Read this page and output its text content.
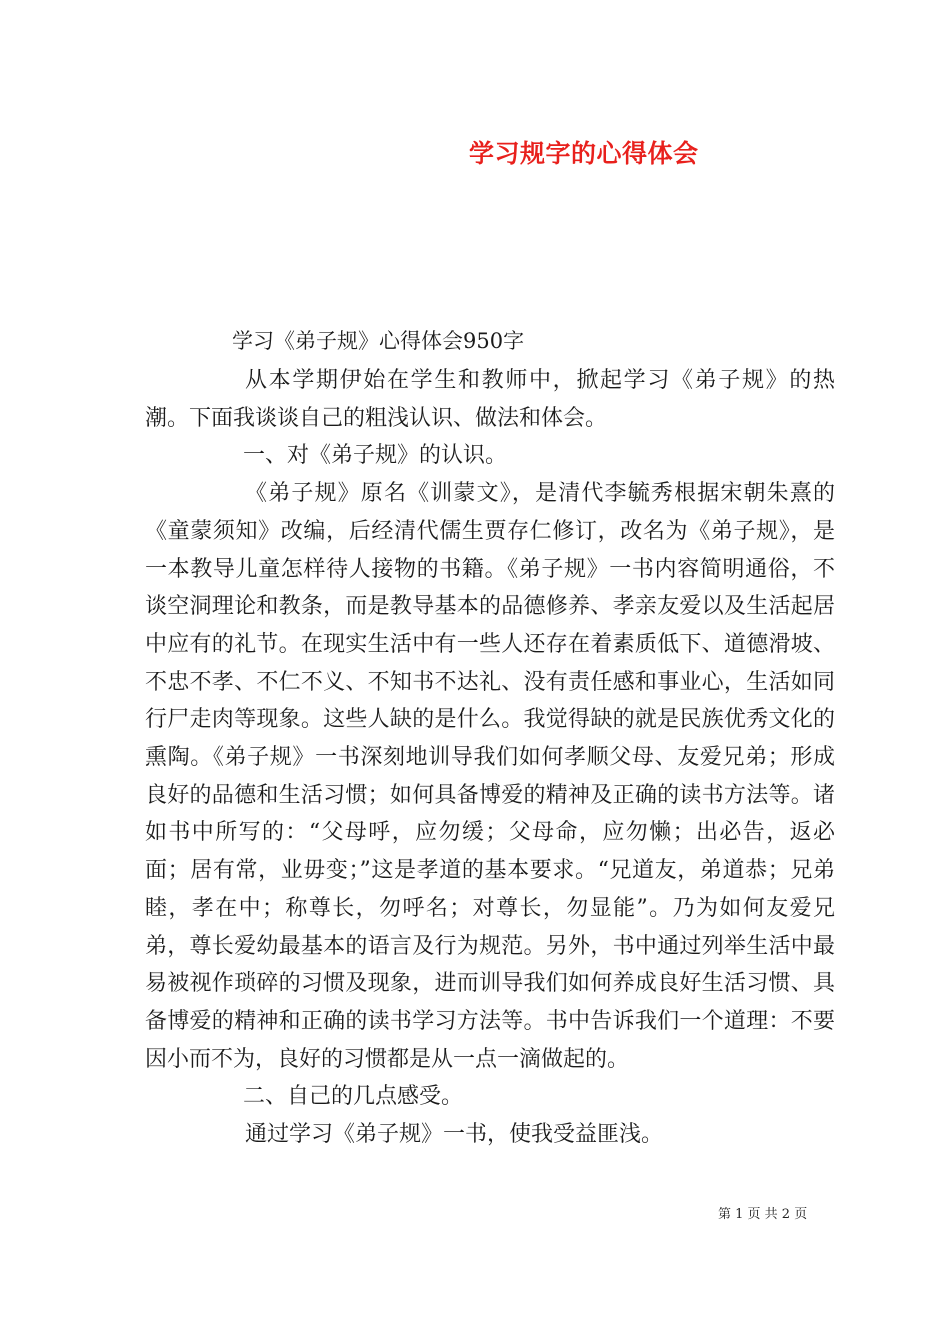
学习规字的心得体会
学习《弟子规》心得体会950字

从本学期伊始在学生和教师中，掀起学习《弟子规》的热潮。下面我谈谈自己的粗浅认识、做法和体会。

一、对《弟子规》的认识。

《弟子规》原名《训蒙文》，是清代李毓秀根据宋朝朱熹的《童蒙须知》改编，后经清代儒生贾存仁修订，改名为《弟子规》，是一本教导儿童怎样待人接物的书籍。《弟子规》一书内容简明通俗，不谈空洞理论和教条，而是教导基本的品德修养、孝亲友爱以及生活起居中应有的礼节。在现实生活中有一些人还存在着素质低下、道德滑坡、不忠不孝、不仁不义、不知书不达礼、没有责任感和事业心，生活如同行尸走肉等现象。这些人缺的是什么。我觉得缺的就是民族优秀文化的熏陶。《弟子规》一书深刻地训导我们如何孝顺父母、友爱兄弟；形成良好的品德和生活习惯；如何具备博爱的精神及正确的读书方法等。诸如书中所写的：“父母呼，应勿缓；父母命，应勿懒；出必告，返必面；居有常，业毋变；”这是孝道的基本要求。“兄道友，弟道恭；兄弟睦，孝在中；称尊长，勿呼名；对尊长，勿显能”。乃为如何友爱兄弟，尊长爱幼最基本的语言及行为规范。另外，书中通过列举生活中最易被视作琐碎的习惯及现象，进而训导我们如何养成良好生活习惯、具备博爱的精神和正确的读书学习方法等。书中告诉我们一个道理：不要因小而不为，良好的习惯都是从一点一滴做起的。

二、自己的几点感受。

通过学习《弟子规》一书，使我受益匪浅。

第 1 页 共 2 页
